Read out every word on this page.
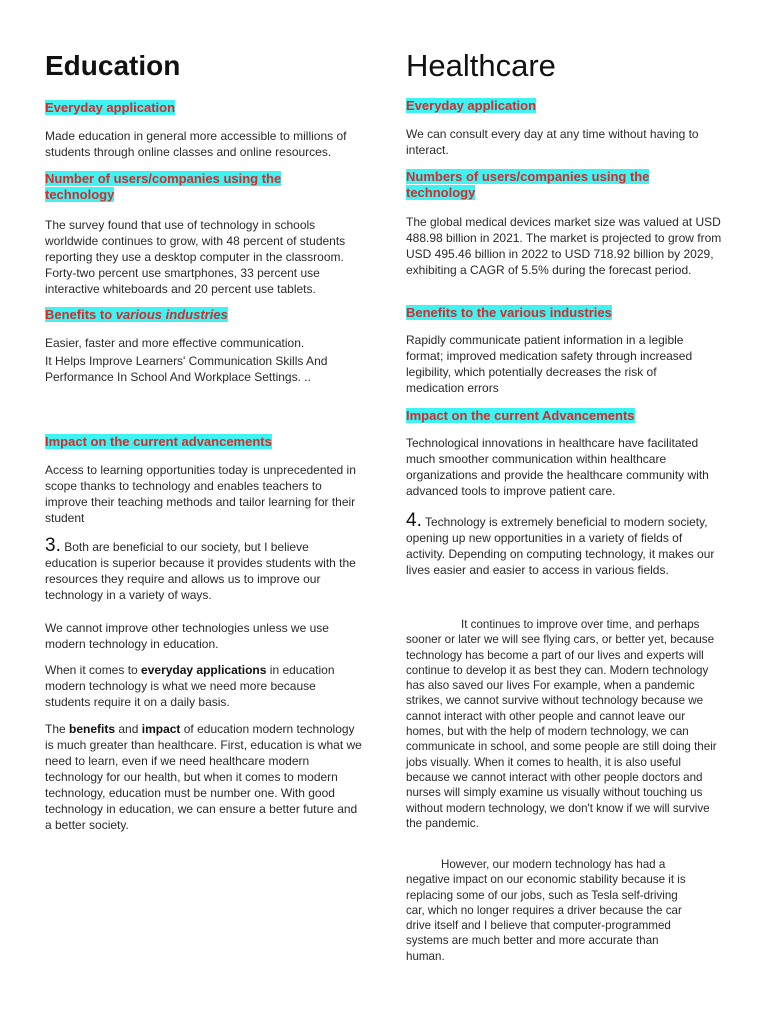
Education

Everyday application

Made education in general more accessible to millions of students through online classes and online resources.

Number of users/companies using the
technology

The survey found that use of technology in schools worldwide continues to grow, with 48 percent of students reporting they use a desktop computer in the classroom. Forty-two percent use smartphones, 33 percent use interactive whiteboards and 20 percent use tablets.

Benefits to various industries

Easier, faster and more effective communication.

It Helps Improve Learners' Communication Skills And Performance In School And Workplace Settings. ..

Impact on the current advancements

Access to learning opportunities today is unprecedented in scope thanks to technology and enables teachers to improve their teaching methods and tailor learning for their student

3. Both are beneficial to our society, but I believe education is superior because it provides students with the resources they require and allows us to improve our technology in a variety of ways.

We cannot improve other technologies unless we use modern technology in education.

When it comes to everyday applications in education modern technology is what we need more because students require it on a daily basis.

The benefits and impact of education modern technology is much greater than healthcare. First, education is what we need to learn, even if we need healthcare modern technology for our health, but when it comes to modern technology, education must be number one. With good technology in education, we can ensure a better future and a better society.

Healthcare

Everyday application

We can consult every day at any time without having to interact.

Numbers of users/companies using the
technology

The global medical devices market size was valued at USD 488.98 billion in 2021. The market is projected to grow from USD 495.46 billion in 2022 to USD 718.92 billion by 2029, exhibiting a CAGR of 5.5% during the forecast period.

Benefits to the various industries

Rapidly communicate patient information in a legible format; improved medication safety through increased legibility, which potentially decreases the risk of medication errors

Impact on the current Advancements

Technological innovations in healthcare have facilitated much smoother communication within healthcare organizations and provide the healthcare community with advanced tools to improve patient care.

4. Technology is extremely beneficial to modern society, opening up new opportunities in a variety of fields of activity. Depending on computing technology, it makes our lives easier and easier to access in various fields.

It continues to improve over time, and perhaps sooner or later we will see flying cars, or better yet, because technology has become a part of our lives and experts will continue to develop it as best they can. Modern technology has also saved our lives For example, when a pandemic strikes, we cannot survive without technology because we cannot interact with other people and cannot leave our homes, but with the help of modern technology, we can communicate in school, and some people are still doing their jobs visually. When it comes to health, it is also useful because we cannot interact with other people doctors and nurses will simply examine us visually without touching us without modern technology, we don't know if we will survive the pandemic.

However, our modern technology has had a negative impact on our economic stability because it is replacing some of our jobs, such as Tesla self-driving car, which no longer requires a driver because the car drive itself and I believe that computer-programmed systems are much better and more accurate than human.
